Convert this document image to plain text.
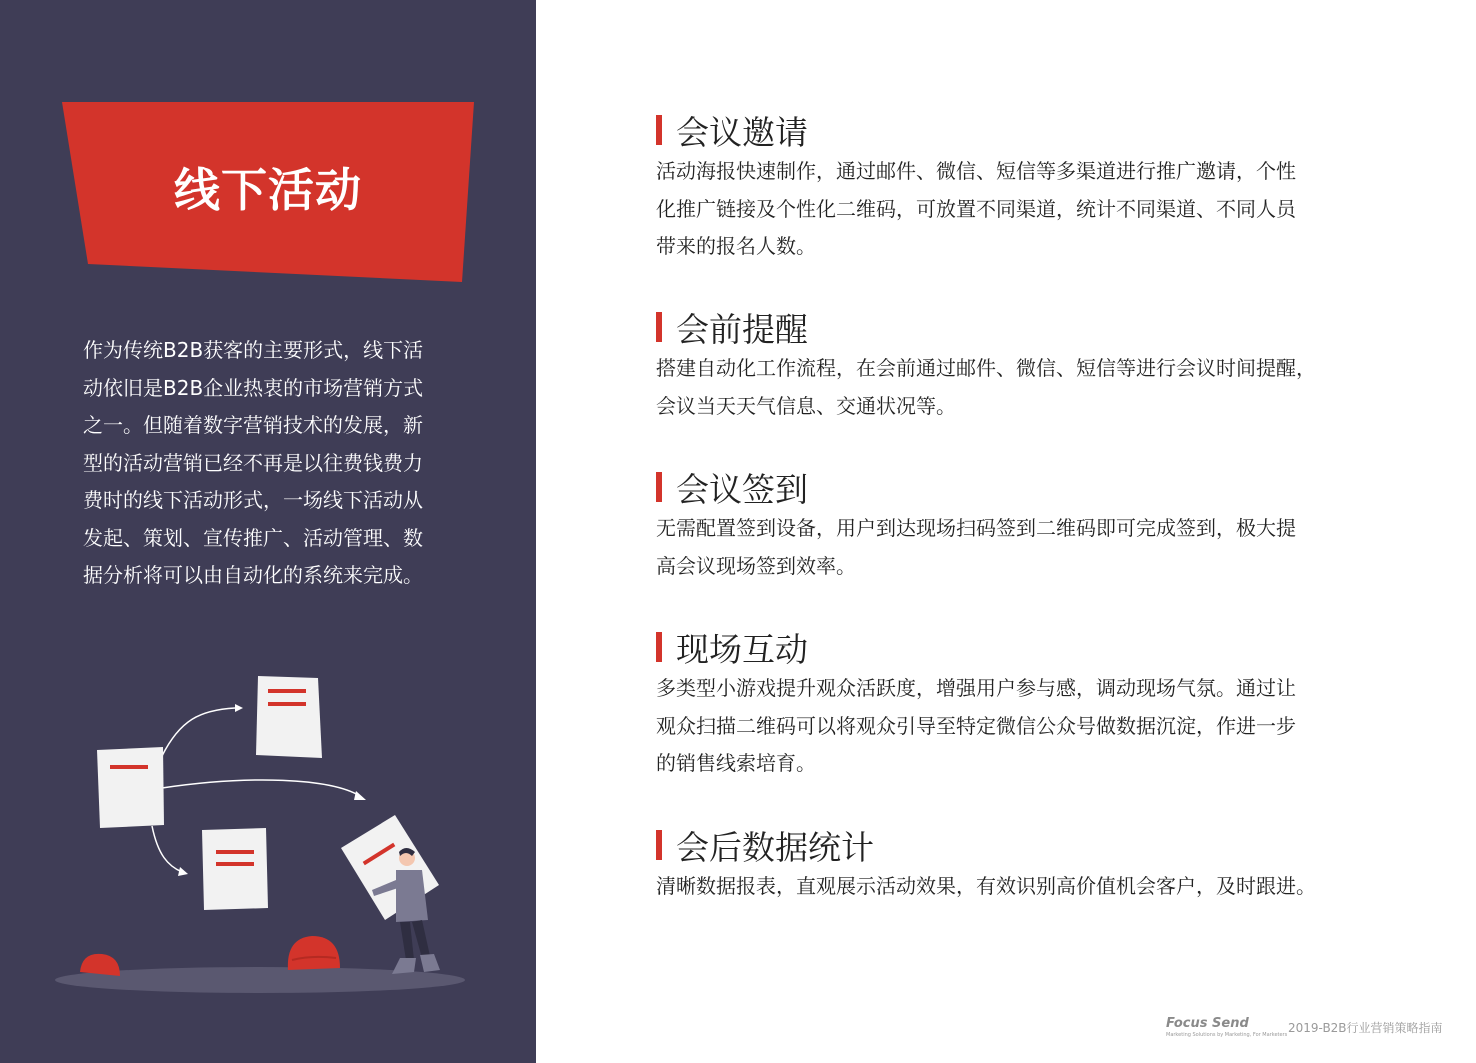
线下活动
作为传统B2B获客的主要形式，线下活
动依旧是B2B企业热衷的市场营销方式
之一。但随着数字营销技术的发展，新
型的活动营销已经不再是以往费钱费力
费时的线下活动形式，一场线下活动从
发起、策划、宣传推广、活动管理、数
据分析将可以由自动化的系统来完成。
会议邀请
活动海报快速制作，通过邮件、微信、短信等多渠道进行推广邀请，个性
化推广链接及个性化二维码，可放置不同渠道，统计不同渠道、不同人员
带来的报名人数。
会前提醒
搭建自动化工作流程，在会前通过邮件、微信、短信等进行会议时间提醒，
会议当天天气信息、交通状况等。
会议签到
无需配置签到设备，用户到达现场扫码签到二维码即可完成签到，极大提
高会议现场签到效率。
现场互动
多类型小游戏提升观众活跃度，增强用户参与感，调动现场气氛。通过让
观众扫描二维码可以将观众引导至特定微信公众号做数据沉淀，作进一步
的销售线索培育。
会后数据统计
清晰数据报表，直观展示活动效果，有效识别高价值机会客户，及时跟进。
Focus Send
Marketing Solutions by Marketing, For Marketers 2019-B2B行业营销策略指南
